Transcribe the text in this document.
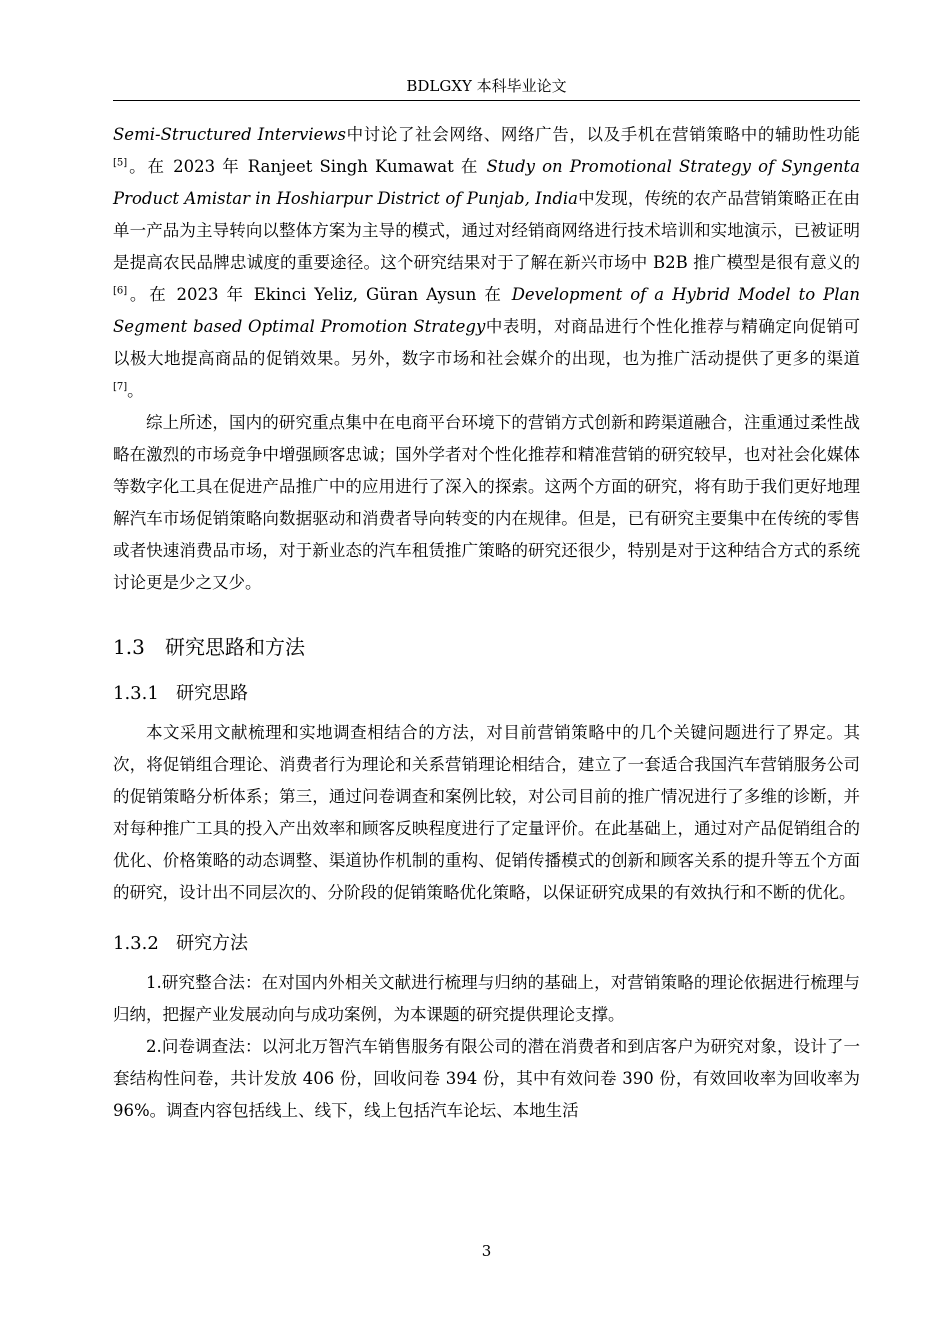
BDLGXY 本科毕业论文

Semi-Structured Interviews中讨论了社会网络、网络广告，以及手机在营销策略中的辅助性功能[5]。在 2023 年 Ranjeet Singh Kumawat 在 Study on Promotional Strategy of Syngenta Product Amistar in Hoshiarpur District of Punjab, India中发现，传统的农产品营销策略正在由单一产品为主导转向以整体方案为主导的模式，通过对经销商网络进行技术培训和实地演示，已被证明是提高农民品牌忠诚度的重要途径。这个研究结果对于了解在新兴市场中 B2B 推广模型是很有意义的[6]。在 2023 年 Ekinci Yeliz, Güran Aysun 在 Development of a Hybrid Model to Plan Segment based Optimal Promotion Strategy中表明，对商品进行个性化推荐与精确定向促销可以极大地提高商品的促销效果。另外，数字市场和社会媒介的出现，也为推广活动提供了更多的渠道[7]。

综上所述，国内的研究重点集中在电商平台环境下的营销方式创新和跨渠道融合，注重通过柔性战略在激烈的市场竞争中增强顾客忠诚；国外学者对个性化推荐和精准营销的研究较早，也对社会化媒体等数字化工具在促进产品推广中的应用进行了深入的探索。这两个方面的研究，将有助于我们更好地理解汽车市场促销策略向数据驱动和消费者导向转变的内在规律。但是，已有研究主要集中在传统的零售或者快速消费品市场，对于新业态的汽车租赁推广策略的研究还很少，特别是对于这种结合方式的系统讨论更是少之又少。

1.3 研究思路和方法
1.3.1 研究思路

本文采用文献梳理和实地调查相结合的方法，对目前营销策略中的几个关键问题进行了界定。其次，将促销组合理论、消费者行为理论和关系营销理论相结合，建立了一套适合我国汽车营销服务公司的促销策略分析体系；第三，通过问卷调查和案例比较，对公司目前的推广情况进行了多维的诊断，并对每种推广工具的投入产出效率和顾客反映程度进行了定量评价。在此基础上，通过对产品促销组合的优化、价格策略的动态调整、渠道协作机制的重构、促销传播模式的创新和顾客关系的提升等五个方面的研究，设计出不同层次的、分阶段的促销策略优化策略，以保证研究成果的有效执行和不断的优化。

1.3.2 研究方法

1.研究整合法：在对国内外相关文献进行梳理与归纳的基础上，对营销策略的理论依据进行梳理与归纳，把握产业发展动向与成功案例，为本课题的研究提供理论支撑。

2.问卷调查法：以河北万智汽车销售服务有限公司的潜在消费者和到店客户为研究对象，设计了一套结构性问卷，共计发放 406 份，回收问卷 394 份，其中有效问卷 390 份，有效回收率为回收率为 96%。调查内容包括线上、线下，线上包括汽车论坛、本地生活

3
